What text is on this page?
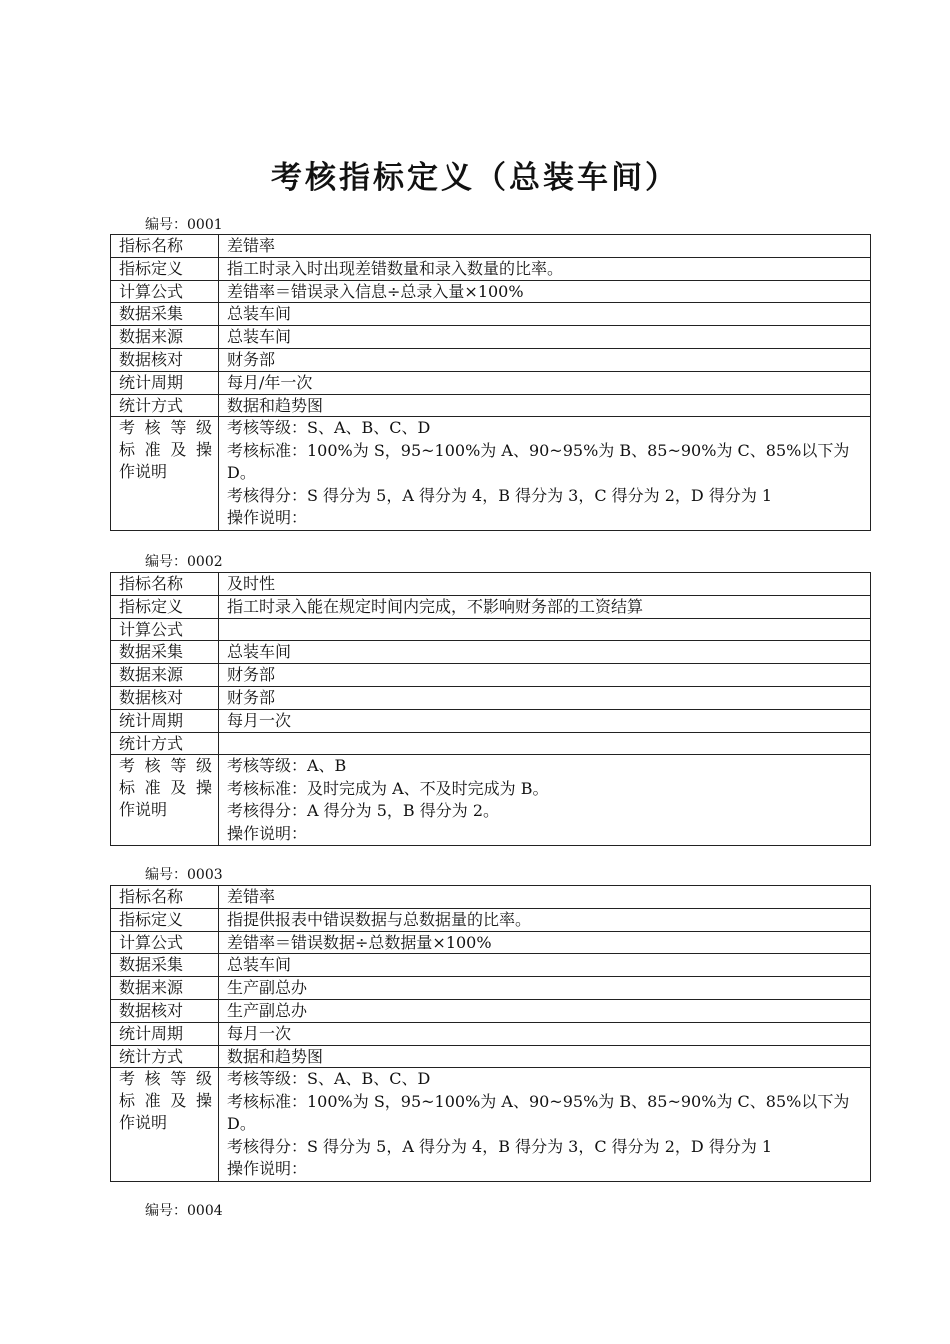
考核指标定义（总装车间）
编号：0001
指标名称	差错率
指标定义	指工时录入时出现差错数量和录入数量的比率。
计算公式	差错率＝错误录入信息÷总录入量×100%
数据采集	总装车间
数据来源	总装车间
数据核对	财务部
统计周期	每月/年一次
统计方式	数据和趋势图

考 核 等 级
标 准 及 操
作说明	考核等级：S、A、B、C、D
考核标准：100%为 S，95~100%为 A、90~95%为 B、85~90%为 C、85%以下为 D。
考核得分：S 得分为 5，A 得分为 4，B 得分为 3，C 得分为 2，D 得分为 1
操作说明：
编号：0002
指标名称	及时性
指标定义	指工时录入能在规定时间内完成，不影响财务部的工资结算
计算公式	
数据采集	总装车间
数据来源	财务部
数据核对	财务部
统计周期	每月一次
统计方式	

考 核 等 级
标 准 及 操
作说明	考核等级：A、B
考核标准：及时完成为 A、不及时完成为 B。
考核得分：A 得分为 5，B 得分为 2。
操作说明：
编号：0003
指标名称	差错率
指标定义	指提供报表中错误数据与总数据量的比率。
计算公式	差错率＝错误数据÷总数据量×100%
数据采集	总装车间
数据来源	生产副总办
数据核对	生产副总办
统计周期	每月一次
统计方式	数据和趋势图

考 核 等 级
标 准 及 操
作说明	考核等级：S、A、B、C、D
考核标准：100%为 S，95~100%为 A、90~95%为 B、85~90%为 C、85%以下为 D。
考核得分：S 得分为 5，A 得分为 4，B 得分为 3，C 得分为 2，D 得分为 1
操作说明：
编号：0004
